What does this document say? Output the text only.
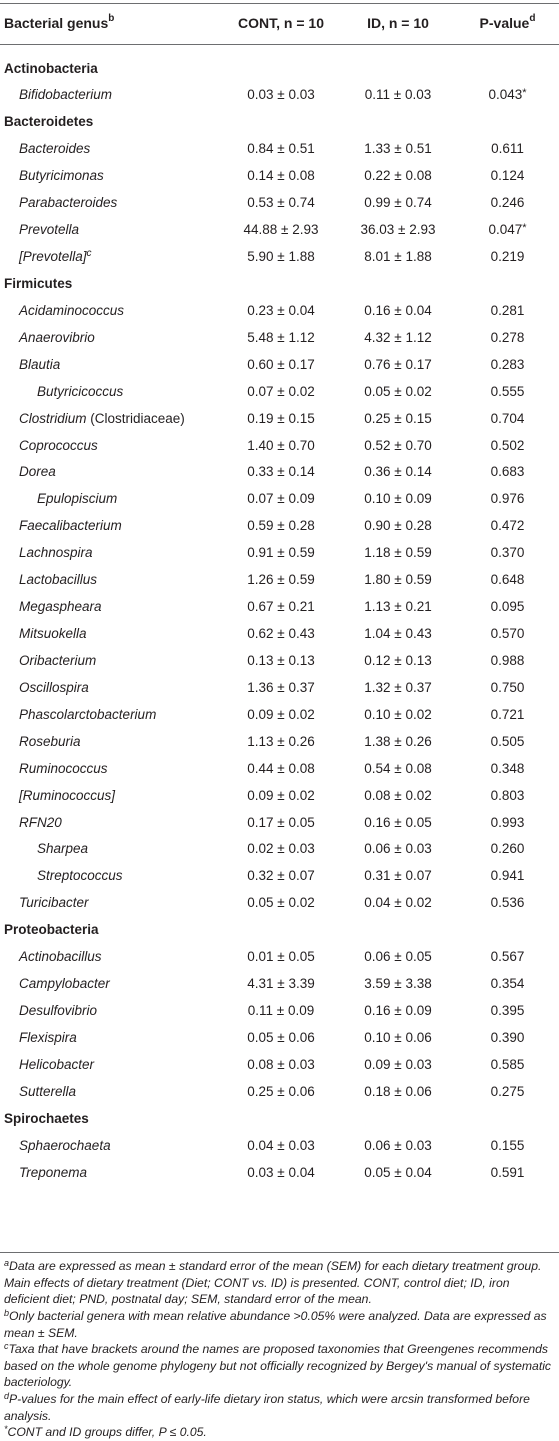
Bacterial genus$^b$	CONT, n = 10	ID, n = 10	P-value$^d$
Actinobacteria
Bifidobacterium	0.03 ± 0.03	0.11 ± 0.03	0.043*
Bacteroidetes
Bacteroides	0.84 ± 0.51	1.33 ± 0.51	0.611
Butyricimonas	0.14 ± 0.08	0.22 ± 0.08	0.124
Parabacteroides	0.53 ± 0.74	0.99 ± 0.74	0.246
Prevotella	44.88 ± 2.93	36.03 ± 2.93	0.047*
[Prevotella]$^c$	5.90 ± 1.88	8.01 ± 1.88	0.219
Firmicutes
Acidaminococcus	0.23 ± 0.04	0.16 ± 0.04	0.281
Anaerovibrio	5.48 ± 1.12	4.32 ± 1.12	0.278
Blautia	0.60 ± 0.17	0.76 ± 0.17	0.283
Butyricicoccus	0.07 ± 0.02	0.05 ± 0.02	0.555
Clostridium (Clostridiaceae)	0.19 ± 0.15	0.25 ± 0.15	0.704
Coprococcus	1.40 ± 0.70	0.52 ± 0.70	0.502
Dorea	0.33 ± 0.14	0.36 ± 0.14	0.683
Epulopiscium	0.07 ± 0.09	0.10 ± 0.09	0.976
Faecalibacterium	0.59 ± 0.28	0.90 ± 0.28	0.472
Lachnospira	0.91 ± 0.59	1.18 ± 0.59	0.370
Lactobacillus	1.26 ± 0.59	1.80 ± 0.59	0.648
Megaspheara	0.67 ± 0.21	1.13 ± 0.21	0.095
Mitsuokella	0.62 ± 0.43	1.04 ± 0.43	0.570
Oribacterium	0.13 ± 0.13	0.12 ± 0.13	0.988
Oscillospira	1.36 ± 0.37	1.32 ± 0.37	0.750
Phascolarctobacterium	0.09 ± 0.02	0.10 ± 0.02	0.721
Roseburia	1.13 ± 0.26	1.38 ± 0.26	0.505
Ruminococcus	0.44 ± 0.08	0.54 ± 0.08	0.348
[Ruminococcus]	0.09 ± 0.02	0.08 ± 0.02	0.803
RFN20	0.17 ± 0.05	0.16 ± 0.05	0.993
Sharpea	0.02 ± 0.03	0.06 ± 0.03	0.260
Streptococcus	0.32 ± 0.07	0.31 ± 0.07	0.941
Turicibacter	0.05 ± 0.02	0.04 ± 0.02	0.536
Proteobacteria
Actinobacillus	0.01 ± 0.05	0.06 ± 0.05	0.567
Campylobacter	4.31 ± 3.39	3.59 ± 3.38	0.354
Desulfovibrio	0.11 ± 0.09	0.16 ± 0.09	0.395
Flexispira	0.05 ± 0.06	0.10 ± 0.06	0.390
Helicobacter	0.08 ± 0.03	0.09 ± 0.03	0.585
Sutterella	0.25 ± 0.06	0.18 ± 0.06	0.275
Spirochaetes
Sphaerochaeta	0.04 ± 0.03	0.06 ± 0.03	0.155
Treponema	0.03 ± 0.04	0.05 ± 0.04	0.591

$^a$Data are expressed as mean ± standard error of the mean (SEM) for each dietary treatment group. Main effects of dietary treatment (Diet; CONT vs. ID) is presented. CONT, control diet; ID, iron deficient diet; PND, postnatal day; SEM, standard error of the mean.

$^b$Only bacterial genera with mean relative abundance >0.05% were analyzed. Data are expressed as mean ± SEM.

$^c$Taxa that have brackets around the names are proposed taxonomies that Greengenes recommends based on the whole genome phylogeny but not officially recognized by Bergey's manual of systematic bacteriology.

$^d$P-values for the main effect of early-life dietary iron status, which were arcsin transformed before analysis.

*CONT and ID groups differ, P ≤ 0.05.
